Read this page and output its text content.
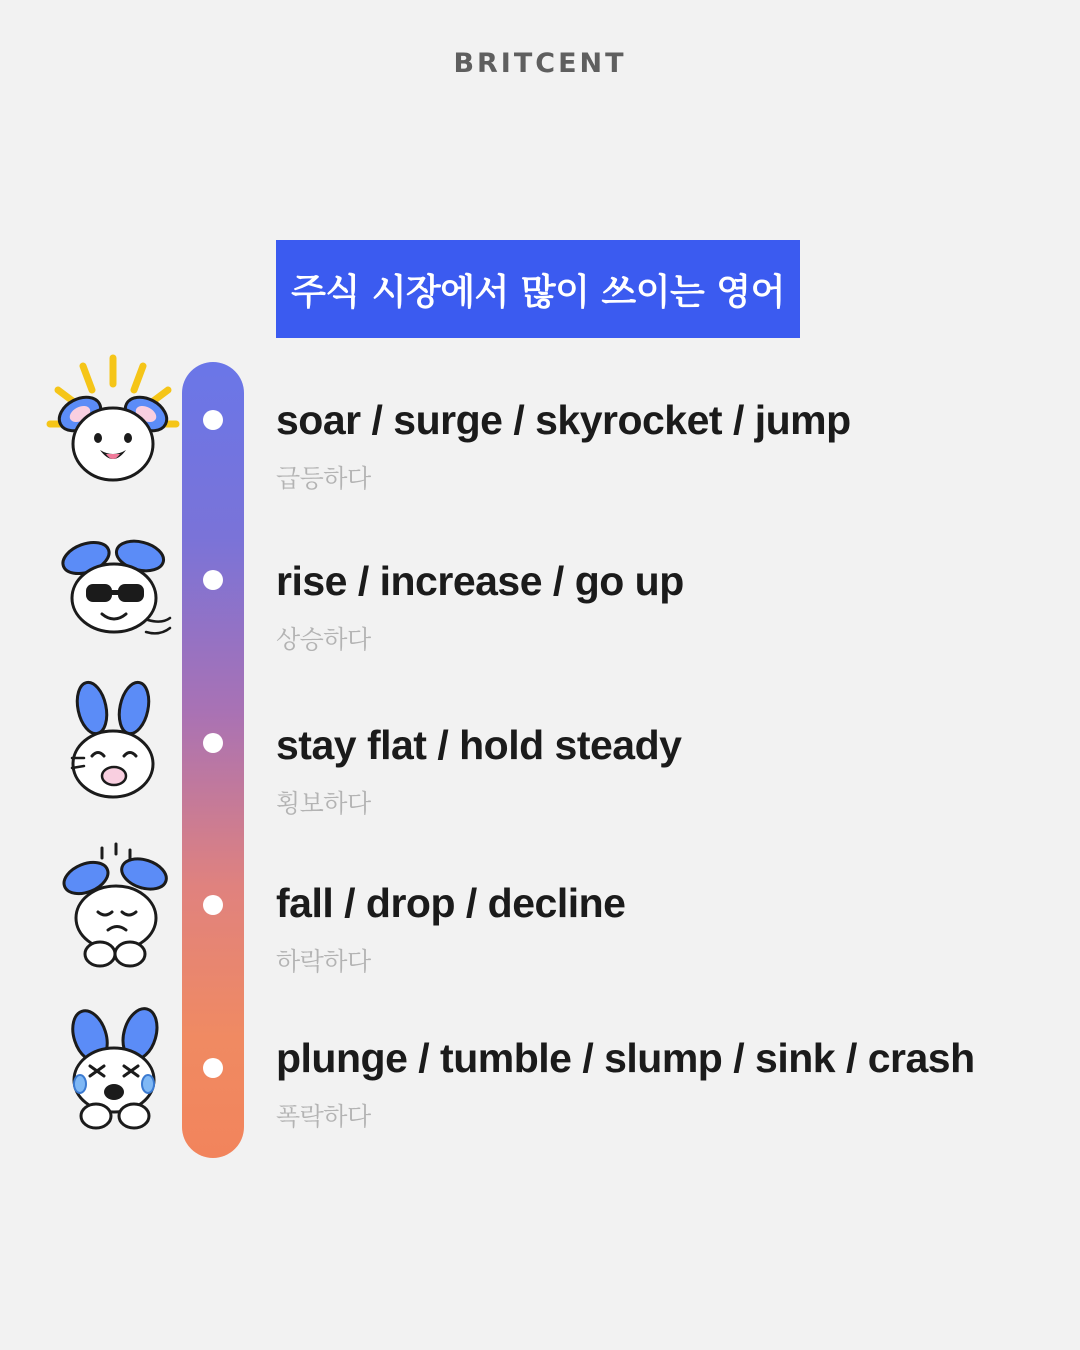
BRITCENT
주식 시장에서 많이 쓰이는 영어
soar / surge / skyrocket / jump
급등하다
rise / increase / go up
상승하다
stay flat / hold steady
횡보하다
fall / drop / decline
하락하다
plunge / tumble / slump / sink / crash
폭락하다
